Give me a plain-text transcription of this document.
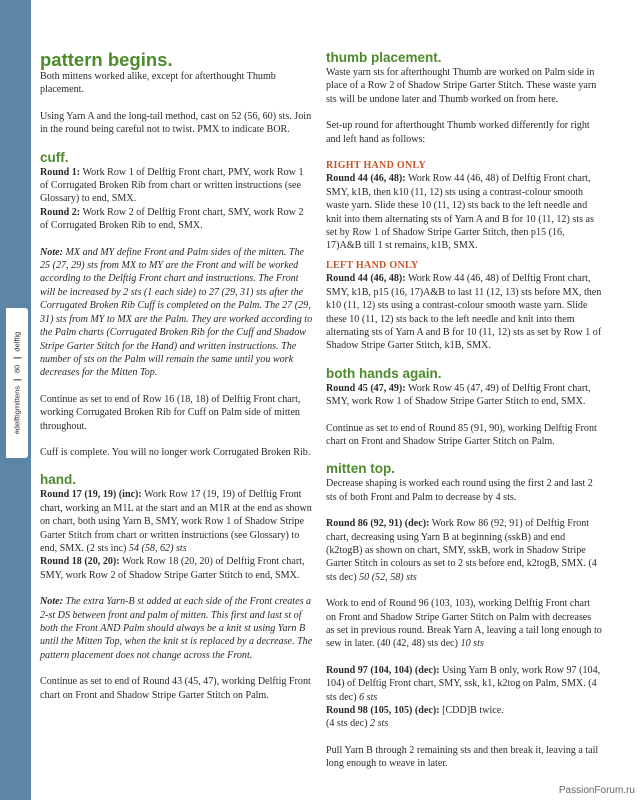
#delftigmittens80delftig
pattern begins.

Both mittens worked alike, except for afterthought Thumb placement.

Using Yarn A and the long-tail method, cast on 52 (56, 60) sts. Join in the round being careful not to twist. PMX to indicate BOR.

cuff.

Round 1: Work Row 1 of Delftig Front chart, PMY, work Row 1 of Corrugated Broken Rib from chart or written instructions (see Glossary) to end, SMX.

Round 2: Work Row 2 of Delftig Front chart, SMY, work Row 2 of Corrugated Broken Rib to end, SMX.

Note: MX and MY define Front and Palm sides of the mitten. The 25 (27, 29) sts from MX to MY are the Front and will be worked according to the Delftig Front chart and instructions. The Front will be increased by 2 sts (1 each side) to 27 (29, 31) sts after the Corrugated Broken Rib Cuff is completed on the Palm. The 27 (29, 31) sts from MY to MX are the Palm. They are worked according to the Palm charts (Corrugated Broken Rib for the Cuff and Shadow Stripe Garter Stitch for the Hand) and written instructions. The number of sts on the Palm will remain the same until you work decreases for the Mitten Top.

Continue as set to end of Row 16 (18, 18) of Delftig Front chart, working Corrugated Broken Rib for Cuff on Palm side of mitten throughout.

Cuff is complete. You will no longer work Corrugated Broken Rib.

hand.

Round 17 (19, 19) (inc): Work Row 17 (19, 19) of Delftig Front chart, working an M1L at the start and an M1R at the end as shown on chart, both using Yarn B, SMY, work Row 1 of Shadow Stripe Garter Stitch from chart or written instructions (see Glossary) to end, SMX. (2 sts inc) 54 (58, 62) sts

Round 18 (20, 20): Work Row 18 (20, 20) of Delftig Front chart, SMY, work Row 2 of Shadow Stripe Garter Stitch to end, SMX.

Note: The extra Yarn-B st added at each side of the Front creates a 2-st DS between front and palm of mitten. This first and last st of both the Front AND Palm should always be a knit st using Yarn B until the Mitten Top, when the knit st is replaced by a decrease. The pattern placement does not change across the Front.

Continue as set to end of Round 43 (45, 47), working Delftig Front chart on Front and Shadow Stripe Garter Stitch on Palm.

thumb placement.

Waste yarn sts for afterthought Thumb are worked on Palm side in place of a Row 2 of Shadow Stripe Garter Stitch. These waste yarn sts will be undone later and Thumb worked on from here.

Set-up round for afterthought Thumb worked differently for right and left hand as follows:

RIGHT HAND ONLY

Round 44 (46, 48): Work Row 44 (46, 48) of Delftig Front chart, SMY, k1B, then k10 (11, 12) sts using a contrast-colour smooth waste yarn. Slide these 10 (11, 12) sts back to the left needle and knit into them alternating sts of Yarn A and B for 10 (11, 12) sts as set by Row 1 of Shadow Stripe Garter Stitch, then p15 (16, 17)A&B till 1 st remains, k1B, SMX.

LEFT HAND ONLY

Round 44 (46, 48): Work Row 44 (46, 48) of Delftig Front chart, SMY, k1B, p15 (16, 17)A&B to last 11 (12, 13) sts before MX, then k10 (11, 12) sts using a contrast-colour smooth waste yarn. Slide these 10 (11, 12) sts back to the left needle and knit into them alternating sts of Yarn A and B for 10 (11, 12) sts as set by Row 1 of Shadow Stripe Garter Stitch, k1B, SMX.

both hands again.

Round 45 (47, 49): Work Row 45 (47, 49) of Delftig Front chart, SMY, work Row 1 of Shadow Stripe Garter Stitch to end, SMX.

Continue as set to end of Round 85 (91, 90), working Delftig Front chart on Front and Shadow Stripe Garter Stitch on Palm.

mitten top.

Decrease shaping is worked each round using the first 2 and last 2 sts of both Front and Palm to decrease by 4 sts.

Round 86 (92, 91) (dec): Work Row 86 (92, 91) of Delftig Front chart, decreasing using Yarn B at beginning (sskB) and end (k2togB) as shown on chart, SMY, sskB, work in Shadow Stripe Garter Stitch in colours as set to 2 sts before end, k2togB, SMX. (4 sts dec) 50 (52, 58) sts

Work to end of Round 96 (103, 103), working Delftig Front chart on Front and Shadow Stripe Garter Stitch on Palm with decreases as set in previous round. Break Yarn A, leaving a tail long enough to sew in later. (40 (42, 48) sts dec) 10 sts

Round 97 (104, 104) (dec): Using Yarn B only, work Row 97 (104, 104) of Delftig Front chart, SMY, ssk, k1, k2tog on Palm, SMX. (4 sts dec) 6 sts

Round 98 (105, 105) (dec): [CDD]B twice.
(4 sts dec) 2 sts

Pull Yarn B through 2 remaining sts and then break it, leaving a tail long enough to weave in later.

PassionForum.ru
